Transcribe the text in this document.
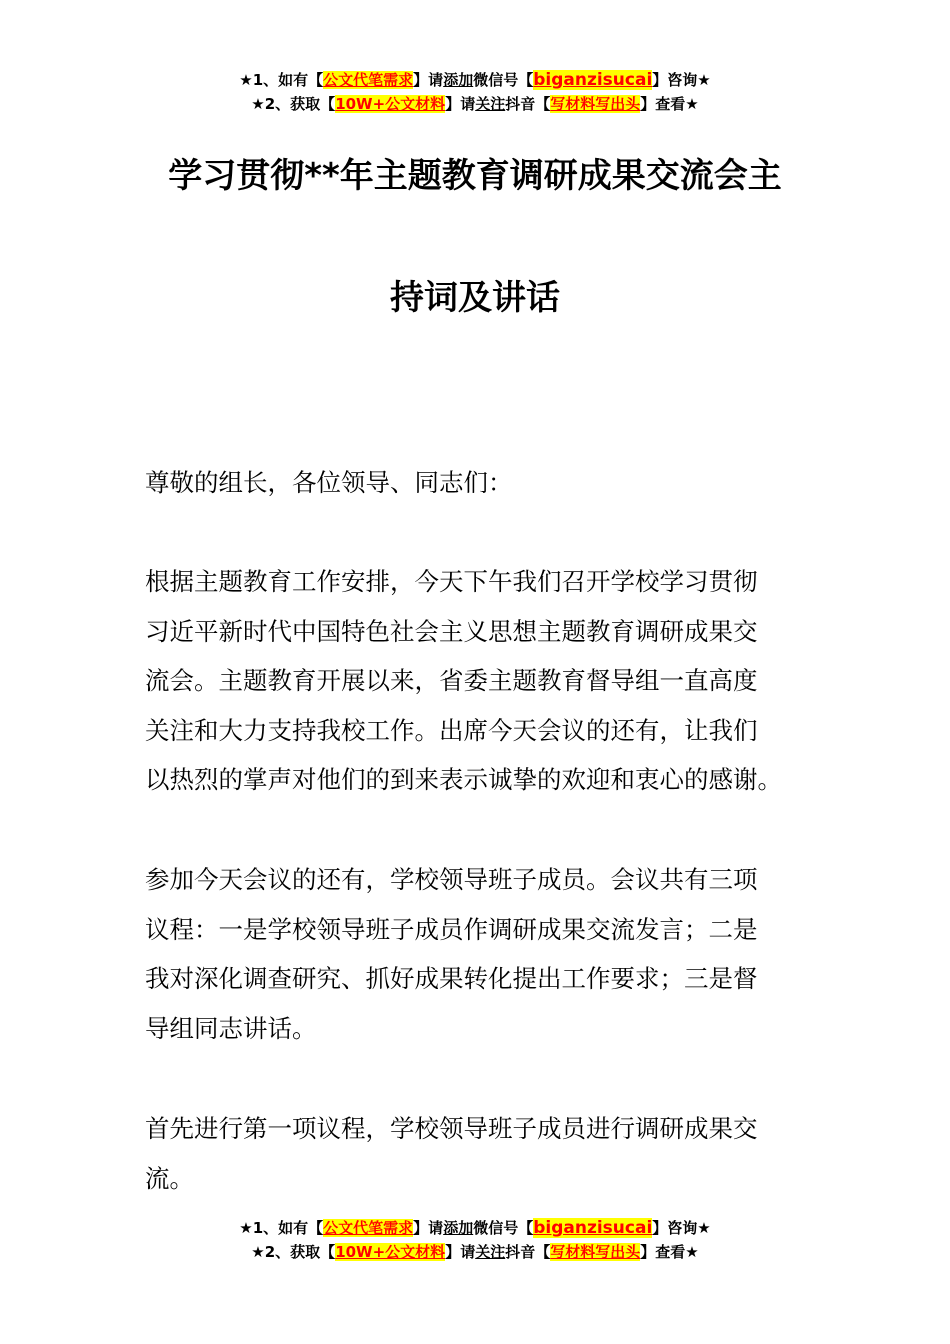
★1、如有【公文代笔需求】请添加微信号【biganzisucai】咨询★
★2、获取【10W+公文材料】请关注抖音【写材料写出头】查看★
学习贯彻**年主题教育调研成果交流会主
持词及讲话
尊敬的组长，各位领导、同志们：
根据主题教育工作安排，今天下午我们召开学校学习贯彻
习近平新时代中国特色社会主义思想主题教育调研成果交
流会。主题教育开展以来，省委主题教育督导组一直高度
关注和大力支持我校工作。出席今天会议的还有，让我们
以热烈的掌声对他们的到来表示诚挚的欢迎和衷心的感谢。
参加今天会议的还有，学校领导班子成员。会议共有三项
议程：一是学校领导班子成员作调研成果交流发言；二是
我对深化调查研究、抓好成果转化提出工作要求；三是督
导组同志讲话。
首先进行第一项议程，学校领导班子成员进行调研成果交
流。
★1、如有【公文代笔需求】请添加微信号【biganzisucai】咨询★
★2、获取【10W+公文材料】请关注抖音【写材料写出头】查看★
